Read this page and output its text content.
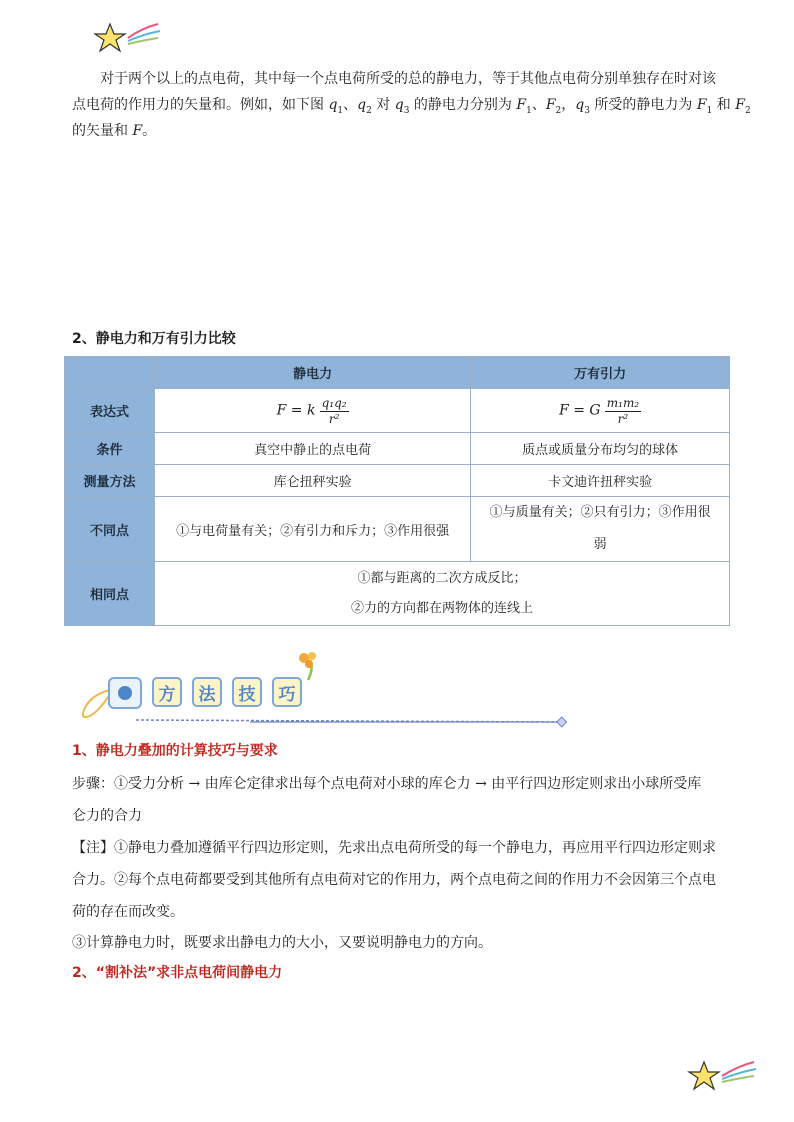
对于两个以上的点电荷，其中每一个点电荷所受的总的静电力，等于其他点电荷分别单独存在时对该
点电荷的作用力的矢量和。例如，如下图 $q_1$、$q_2$ 对 $q_3$ 的静电力分别为 $F_1$、$F_2$，$q_3$ 所受的静电力为 $F_1$ 和 $F_2$
的矢量和 F。
2、静电力和万有引力比较
	静电力	万有引力
表达式	F = k $\frac{\text{q₁q₂}}{\text{r²}}$	F = G $\frac{\text{m₁m₂}}{\text{r²}}$

条件	真空中静止的点电荷	质点或质量分布均匀的球体
测量方法	库仑扭秤实验	卡文迪许扭秤实验
不同点	①与电荷量有关；②有引力和斥力；③作用很强	①与质量有关；②只有引力；③作用很
弱

相同点	①都与距离的二次方成反比；
②力的方向都在两物体的连线上	
方	法	技	巧
1、静电力叠加的计算技巧与要求
步骤：①受力分析 → 由库仑定律求出每个点电荷对小球的库仑力 → 由平行四边形定则求出小球所受库
仑力的合力
【注】①静电力叠加遵循平行四边形定则，先求出点电荷所受的每一个静电力，再应用平行四边形定则求
合力。②每个点电荷都要受到其他所有点电荷对它的作用力，两个点电荷之间的作用力不会因第三个点电
荷的存在而改变。
③计算静电力时，既要求出静电力的大小，又要说明静电力的方向。
2、“割补法”求非点电荷间静电力
